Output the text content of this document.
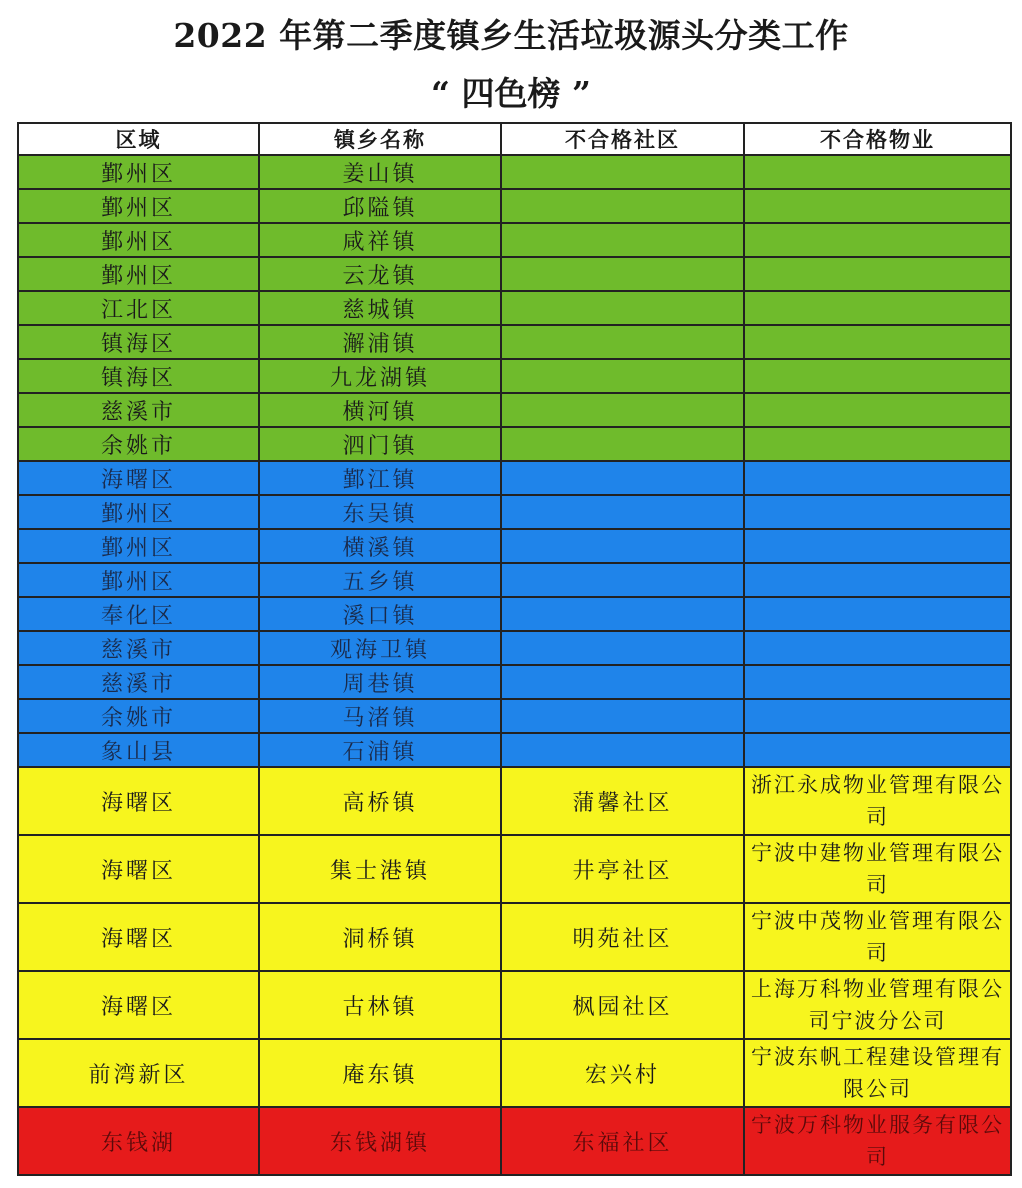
2022 年第二季度镇乡生活垃圾源头分类工作
“ 四色榜 ”
区域	镇乡名称	不合格社区	不合格物业
鄞州区	姜山镇		
鄞州区	邱隘镇		
鄞州区	咸祥镇		
鄞州区	云龙镇		
江北区	慈城镇		
镇海区	澥浦镇		
镇海区	九龙湖镇		
慈溪市	横河镇		
余姚市	泗门镇		
海曙区	鄞江镇		
鄞州区	东吴镇		
鄞州区	横溪镇		
鄞州区	五乡镇		
奉化区	溪口镇		
慈溪市	观海卫镇		
慈溪市	周巷镇		
余姚市	马渚镇		
象山县	石浦镇		
海曙区	高桥镇	蒲馨社区	浙江永成物业管理有限公司
海曙区	集士港镇	井亭社区	宁波中建物业管理有限公司
海曙区	洞桥镇	明苑社区	宁波中茂物业管理有限公司
海曙区	古林镇	枫园社区	上海万科物业管理有限公司宁波分公司
前湾新区	庵东镇	宏兴村	宁波东帆工程建设管理有限公司
东钱湖	东钱湖镇	东福社区	宁波万科物业服务有限公司
